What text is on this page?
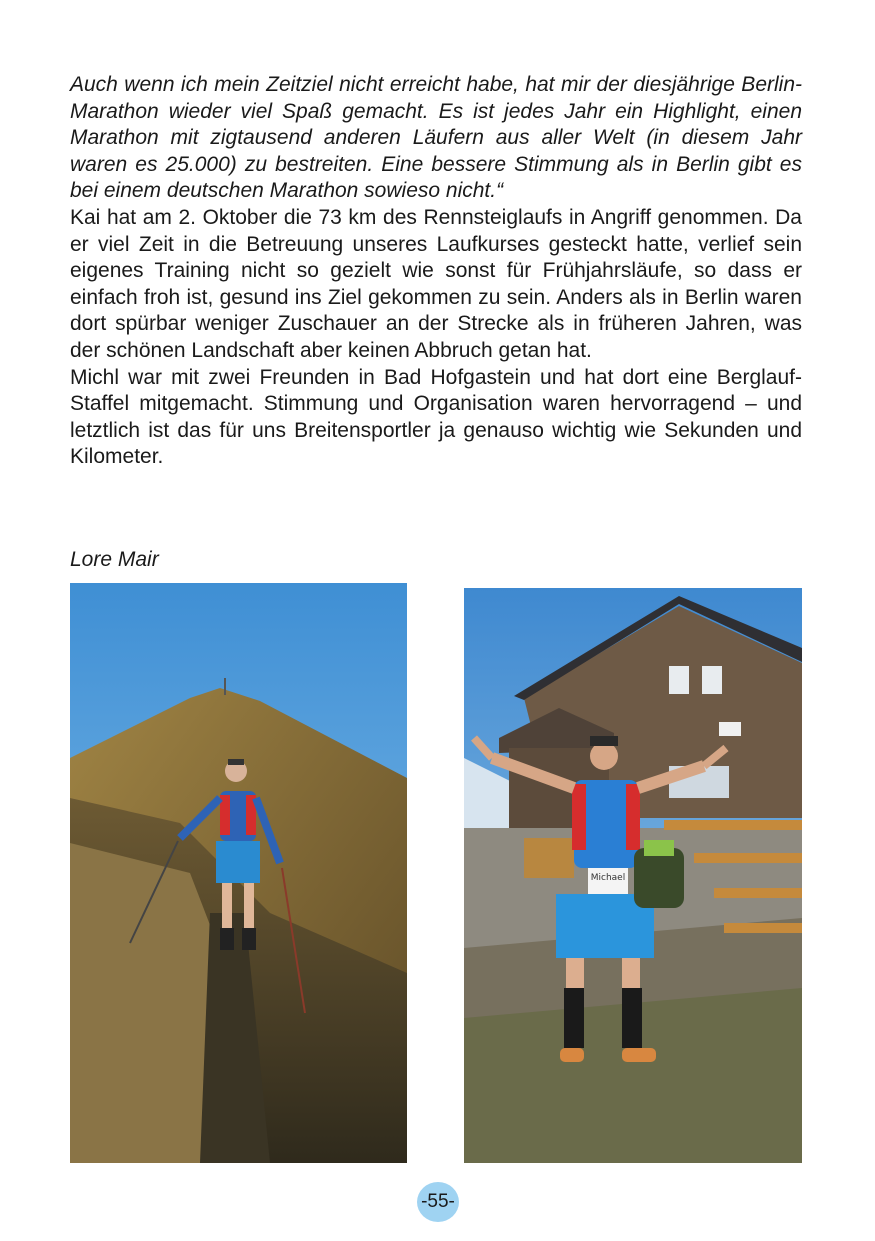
Auch wenn ich mein Zeitziel nicht erreicht habe, hat mir der diesjährige Berlin-Marathon wieder viel Spaß gemacht. Es ist jedes Jahr ein Highlight, einen Marathon mit zigtausend anderen Läufern aus aller Welt (in diesem Jahr waren es 25.000) zu bestreiten. Eine bessere Stimmung als in Berlin gibt es bei einem deutschen Marathon sowieso nicht.“

Kai hat am 2. Oktober die 73 km des Rennsteiglaufs in Angriff genommen. Da er viel Zeit in die Betreuung unseres Laufkurses gesteckt hatte, verlief sein eigenes Training nicht so gezielt wie sonst für Frühjahrsläufe, so dass er einfach froh ist, gesund ins Ziel gekommen zu sein. Anders als in Berlin waren dort spürbar weniger Zuschauer an der Strecke als in früheren Jahren, was der schönen Landschaft aber keinen Abbruch getan hat.

Michl war mit zwei Freunden in Bad Hofgastein und hat dort eine Berglauf-Staffel mitgemacht. Stimmung und Organisation waren hervorragend – und letztlich ist das für uns Breitensportler ja genauso wichtig wie Sekunden und Kilometer.

Lore Mair
Michael
-55-
